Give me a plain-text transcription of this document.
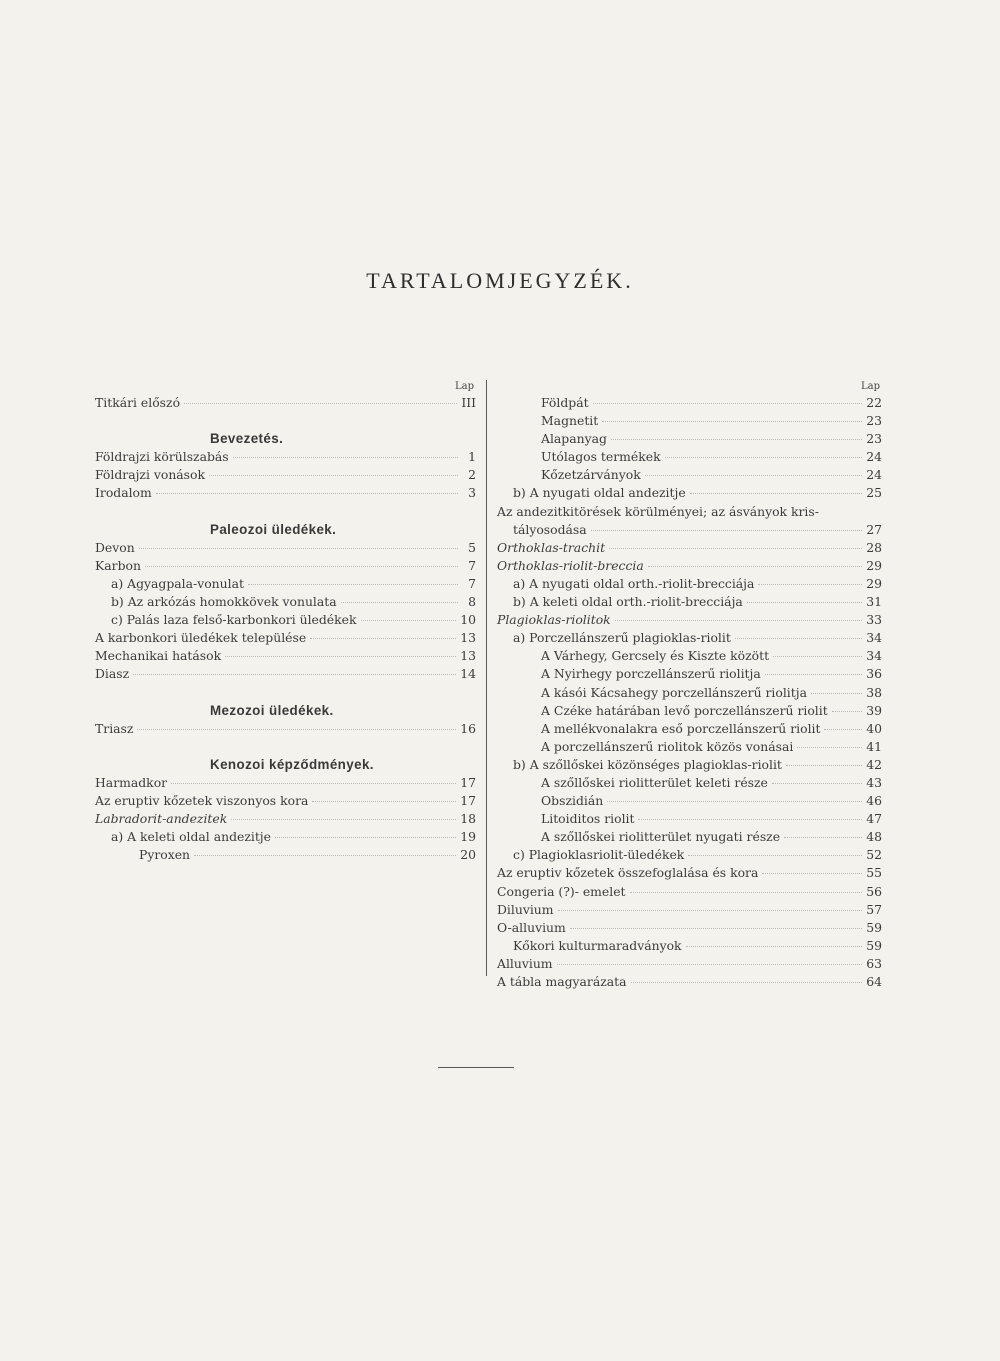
TARTALOMJEGYZÉK.
Lap
Titkári előszó	III
Bevezetés.
Földrajzi körülszabás	1
Földrajzi vonások	2
Irodalom	3
Paleozoi üledékek.
Devon	5
Karbon	7
a) Agyagpala-vonulat	7
b) Az arkózás homokkövek vonulata	8
c) Palás laza felső-karbonkori üledékek	10
A karbonkori üledékek települése	13
Mechanikai hatások	13
Diasz	14
Mezozoi üledékek.
Triasz	16
Kenozoi képződmények.
Harmadkor	17
Az eruptiv kőzetek viszonyos kora	17
Labradorit-andezitek	18
a) A keleti oldal andezitje	19
Pyroxen	20
Lap
Földpát	22
Magnetit	23
Alapanyag	23
Utólagos termékek	24
Kőzetzárványok	24
b) A nyugati oldal andezitje	25
Az andezitkitörések körülményei; az ásványok kris-
tályosodása	27
Orthoklas-trachit	28
Orthoklas-riolit-breccia	29
a) A nyugati oldal orth.-riolit-brecciája	29
b) A keleti oldal orth.-riolit-brecciája	31
Plagioklas-riolitok	33
a) Porczellánszerű plagioklas-riolit	34
A Várhegy, Gercsely és Kiszte között	34
A Nyirhegy porczellánszerű riolitja	36
A kásói Kácsahegy porczellánszerű riolitja	38
A Czéke határában levő porczellánszerű riolit	39
A mellékvonalakra eső porczellánszerű riolit	40
A porczellánszerű riolitok közös vonásai	41
b) A szőllőskei közönséges plagioklas-riolit	42
A szőllőskei riolitterület keleti része	43
Obszidián	46
Litoiditos riolit	47
A szőllőskei riolitterület nyugati része	48
c) Plagioklasriolit-üledékek	52
Az eruptiv kőzetek összefoglalása és kora	55
Congeria (?)- emelet	56
Diluvium	57
O-alluvium	59
Kőkori kulturmaradványok	59
Alluvium	63
A tábla magyarázata	64
